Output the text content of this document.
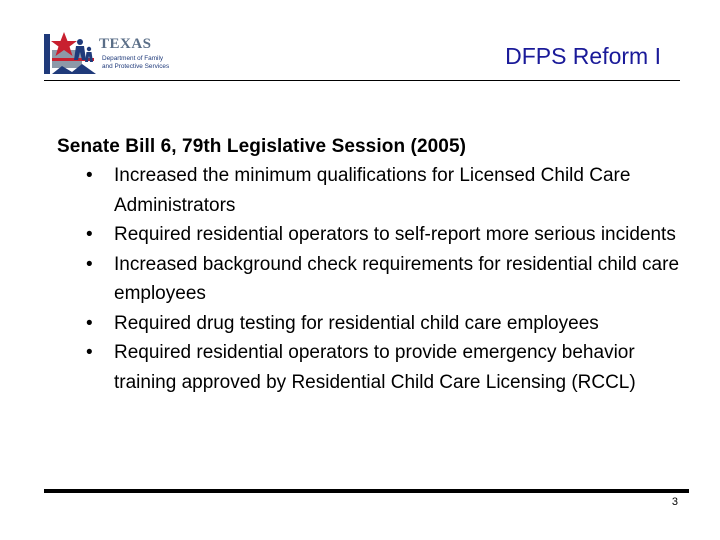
TEXAS
Department of Family
and Protective Services	DFPS Reform I
Senate Bill 6, 79th Legislative Session (2005)
• Increased the minimum qualifications for Licensed Child Care Administrators
• Required residential operators to self-report more serious incidents
• Increased background check requirements for residential child care employees
• Required drug testing for residential child care employees
• Required residential operators to provide emergency behavior training approved by Residential Child Care Licensing (RCCL)
3
